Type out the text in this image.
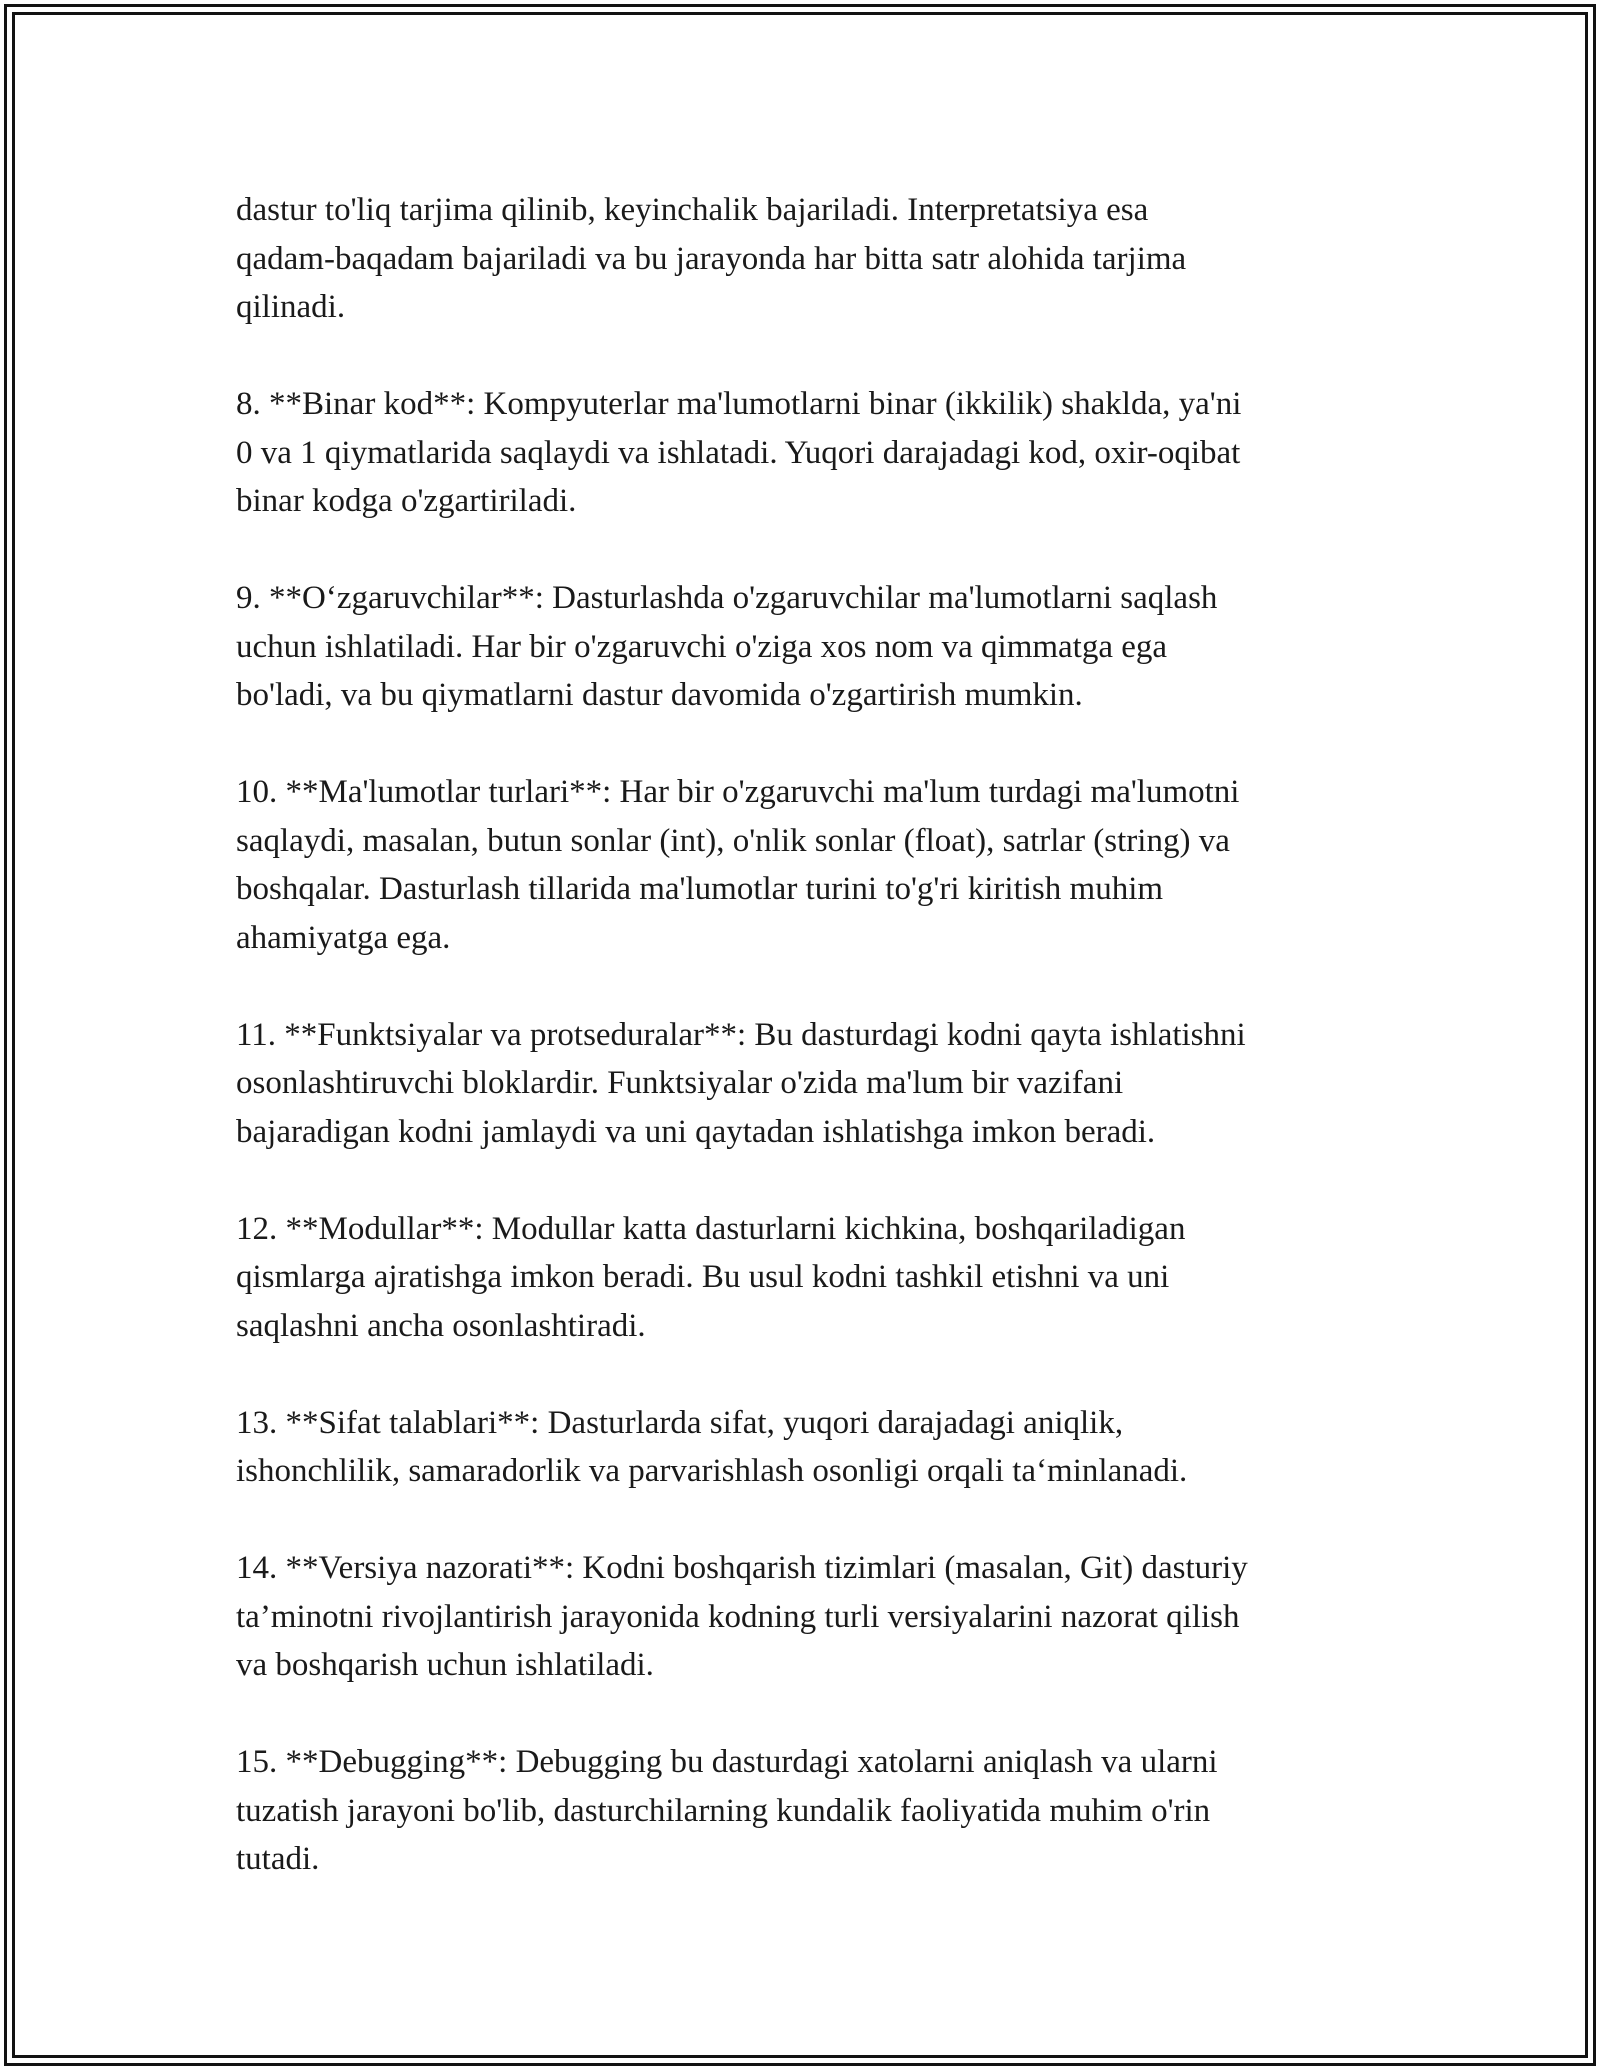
dastur to'liq tarjima qilinib, keyinchalik bajariladi. Interpretatsiya esa
qadam-baqadam bajariladi va bu jarayonda har bitta satr alohida tarjima
qilinadi.

8. **Binar kod**: Kompyuterlar ma'lumotlarni binar (ikkilik) shaklda, ya'ni
0 va 1 qiymatlarida saqlaydi va ishlatadi. Yuqori darajadagi kod, oxir-oqibat
binar kodga o'zgartiriladi.

9. **O‘zgaruvchilar**: Dasturlashda o'zgaruvchilar ma'lumotlarni saqlash
uchun ishlatiladi. Har bir o'zgaruvchi o'ziga xos nom va qimmatga ega
bo'ladi, va bu qiymatlarni dastur davomida o'zgartirish mumkin.

10. **Ma'lumotlar turlari**: Har bir o'zgaruvchi ma'lum turdagi ma'lumotni
saqlaydi, masalan, butun sonlar (int), o'nlik sonlar (float), satrlar (string) va
boshqalar. Dasturlash tillarida ma'lumotlar turini to'g'ri kiritish muhim
ahamiyatga ega.

11. **Funktsiyalar va protseduralar**: Bu dasturdagi kodni qayta ishlatishni
osonlashtiruvchi bloklardir. Funktsiyalar o'zida ma'lum bir vazifani
bajaradigan kodni jamlaydi va uni qaytadan ishlatishga imkon beradi.

12. **Modullar**: Modullar katta dasturlarni kichkina, boshqariladigan
qismlarga ajratishga imkon beradi. Bu usul kodni tashkil etishni va uni
saqlashni ancha osonlashtiradi.

13. **Sifat talablari**: Dasturlarda sifat, yuqori darajadagi aniqlik,
ishonchlilik, samaradorlik va parvarishlash osonligi orqali ta‘minlanadi.

14. **Versiya nazorati**: Kodni boshqarish tizimlari (masalan, Git) dasturiy
ta’minotni rivojlantirish jarayonida kodning turli versiyalarini nazorat qilish
va boshqarish uchun ishlatiladi.

15. **Debugging**: Debugging bu dasturdagi xatolarni aniqlash va ularni
tuzatish jarayoni bo'lib, dasturchilarning kundalik faoliyatida muhim o'rin
tutadi.
